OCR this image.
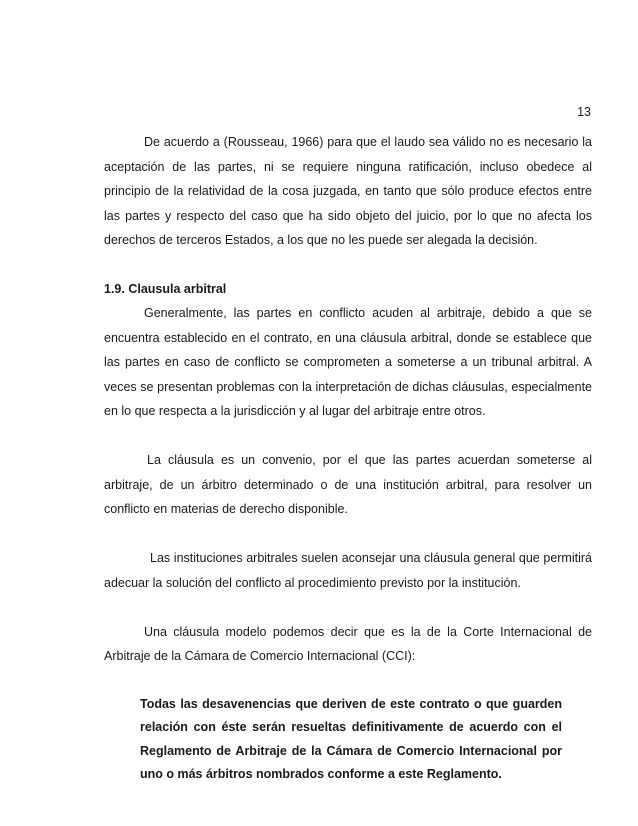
13

De acuerdo a (Rousseau, 1966) para que el laudo sea válido no es necesario la aceptación de las partes, ni se requiere ninguna ratificación, incluso obedece al principio de la relatividad de la cosa juzgada, en tanto que sólo produce efectos entre las partes y respecto del caso que ha sido objeto del juicio, por lo que no afecta los derechos de terceros Estados, a los que no les puede ser alegada la decisión.

1.9. Clausula arbitral

Generalmente, las partes en conflicto acuden al arbitraje, debido a que se encuentra establecido en el contrato, en una cláusula arbitral, donde se establece que las partes en caso de conflicto se comprometen a someterse a un tribunal arbitral. A veces se presentan problemas con la interpretación de dichas cláusulas, especialmente en lo que respecta a la jurisdicción y al lugar del arbitraje entre otros.

La cláusula es un convenio, por el que las partes acuerdan someterse al arbitraje, de un árbitro determinado o de una institución arbitral, para resolver un conflicto en materias de derecho disponible.

Las instituciones arbitrales suelen aconsejar una cláusula general que permitirá adecuar la solución del conflicto al procedimiento previsto por la institución.

Una cláusula modelo podemos decir que es la de la Corte Internacional de Arbitraje de la Cámara de Comercio Internacional (CCI):

Todas las desavenencias que deriven de este contrato o que guarden relación con éste serán resueltas definitivamente de acuerdo con el Reglamento de Arbitraje de la Cámara de Comercio Internacional por uno o más árbitros nombrados conforme a este Reglamento.
